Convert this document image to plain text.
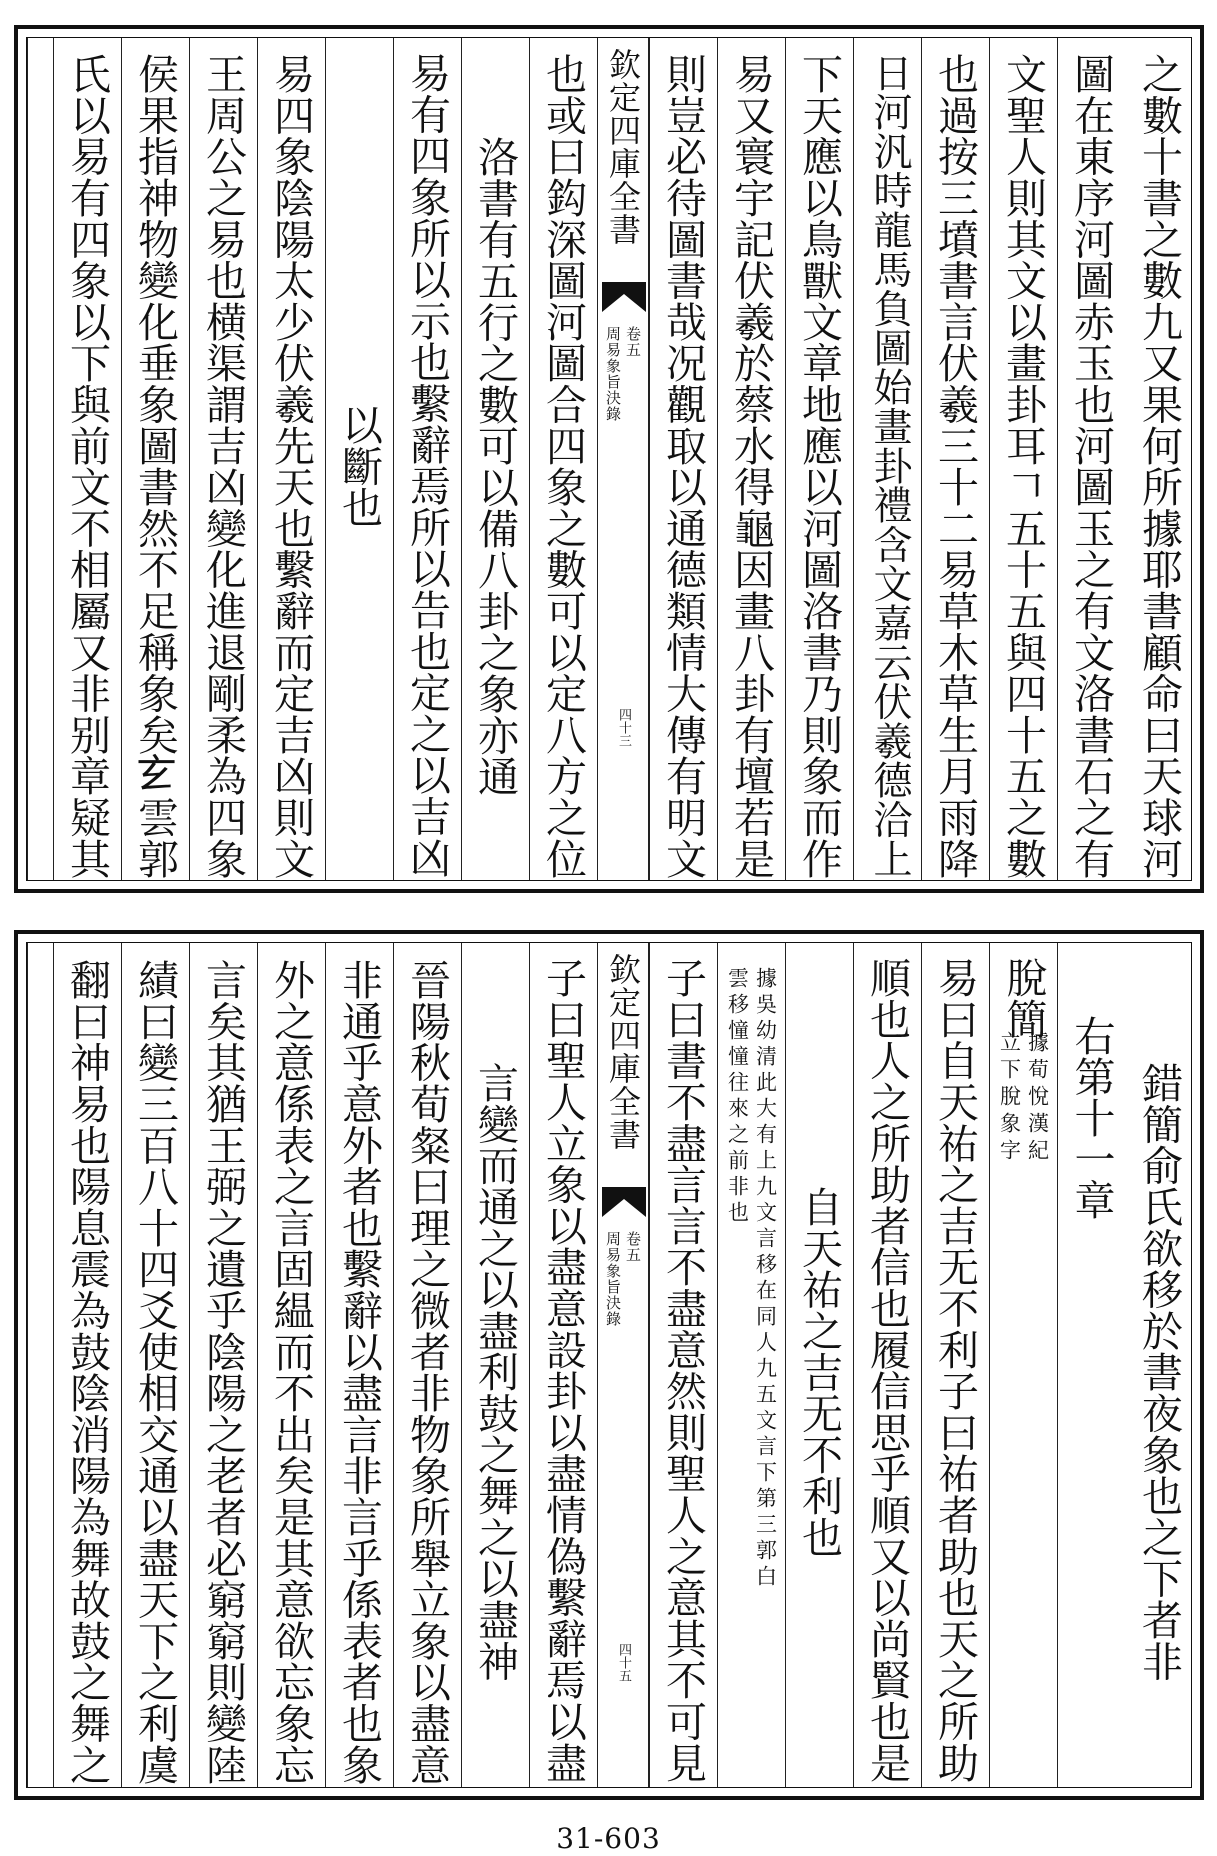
之數十書之數九又果何所據耶書顧命曰天球河
圖在東序河圖赤玉也河圖玉之有文洛書石之有
文聖人則其文以畫卦耳𠃍五十五與四十五之數
也過按三墳書言伏羲三十二易草木草生月雨降
日河汎時龍馬負圖始畫卦禮含文嘉云伏羲德洽上
下天應以鳥獸文章地應以河圖洛書乃則象而作
易又寰宇記伏羲於蔡水得龜因畫八卦有壇若是
則豈必待圖書哉况觀取以通德類情大傳有明文
欽定四庫全書
周易象旨決錄 卷五
四十三
也或曰鈎深圖河圖合四象之數可以定八方之位
洛書有五行之數可以備八卦之象亦通
易有四象所以示也繫辭焉所以告也定之以吉凶
以斷也
易四象陰陽太少伏羲先天也繫辭而定吉凶則文
王周公之易也横渠謂吉凶變化進退剛柔為四象
侯果指神物變化垂象圖書然不足稱象矣𤣥雲郭
氏以易有四象以下與前文不相屬又非别章疑其
錯簡俞氏欲移於書夜象也之下者非
右第十一章
脫簡
據荀悅漢紀立下脫象字
易曰自天祐之吉无不利子曰祐者助也天之所助
順也人之所助者信也履信思乎順又以尚賢也是
自天祐之吉无不利也
據吳幼清此大有上九文言移在同人九五文言下第三郭白雲移憧憧往來之前非也
子曰書不盡言言不盡意然則聖人之意其不可見
欽定四庫全書
周易象旨決錄 卷五
四十五
子曰聖人立象以盡意設卦以盡情偽繫辭焉以盡
言變而通之以盡利鼓之舞之以盡神
晉陽秋荀粲曰理之微者非物象所舉立象以盡意
非通乎意外者也繫辭以盡言非言乎係表者也象
外之意係表之言固緼而不出矣是其意欲忘象忘
言矣其猶王弼之遺乎陰陽之老者必窮窮則變陸
績曰變三百八十四爻使相交通以盡天下之利虞
翻曰神易也陽息震為鼓陰消陽為舞故鼓之舞之
31-603
